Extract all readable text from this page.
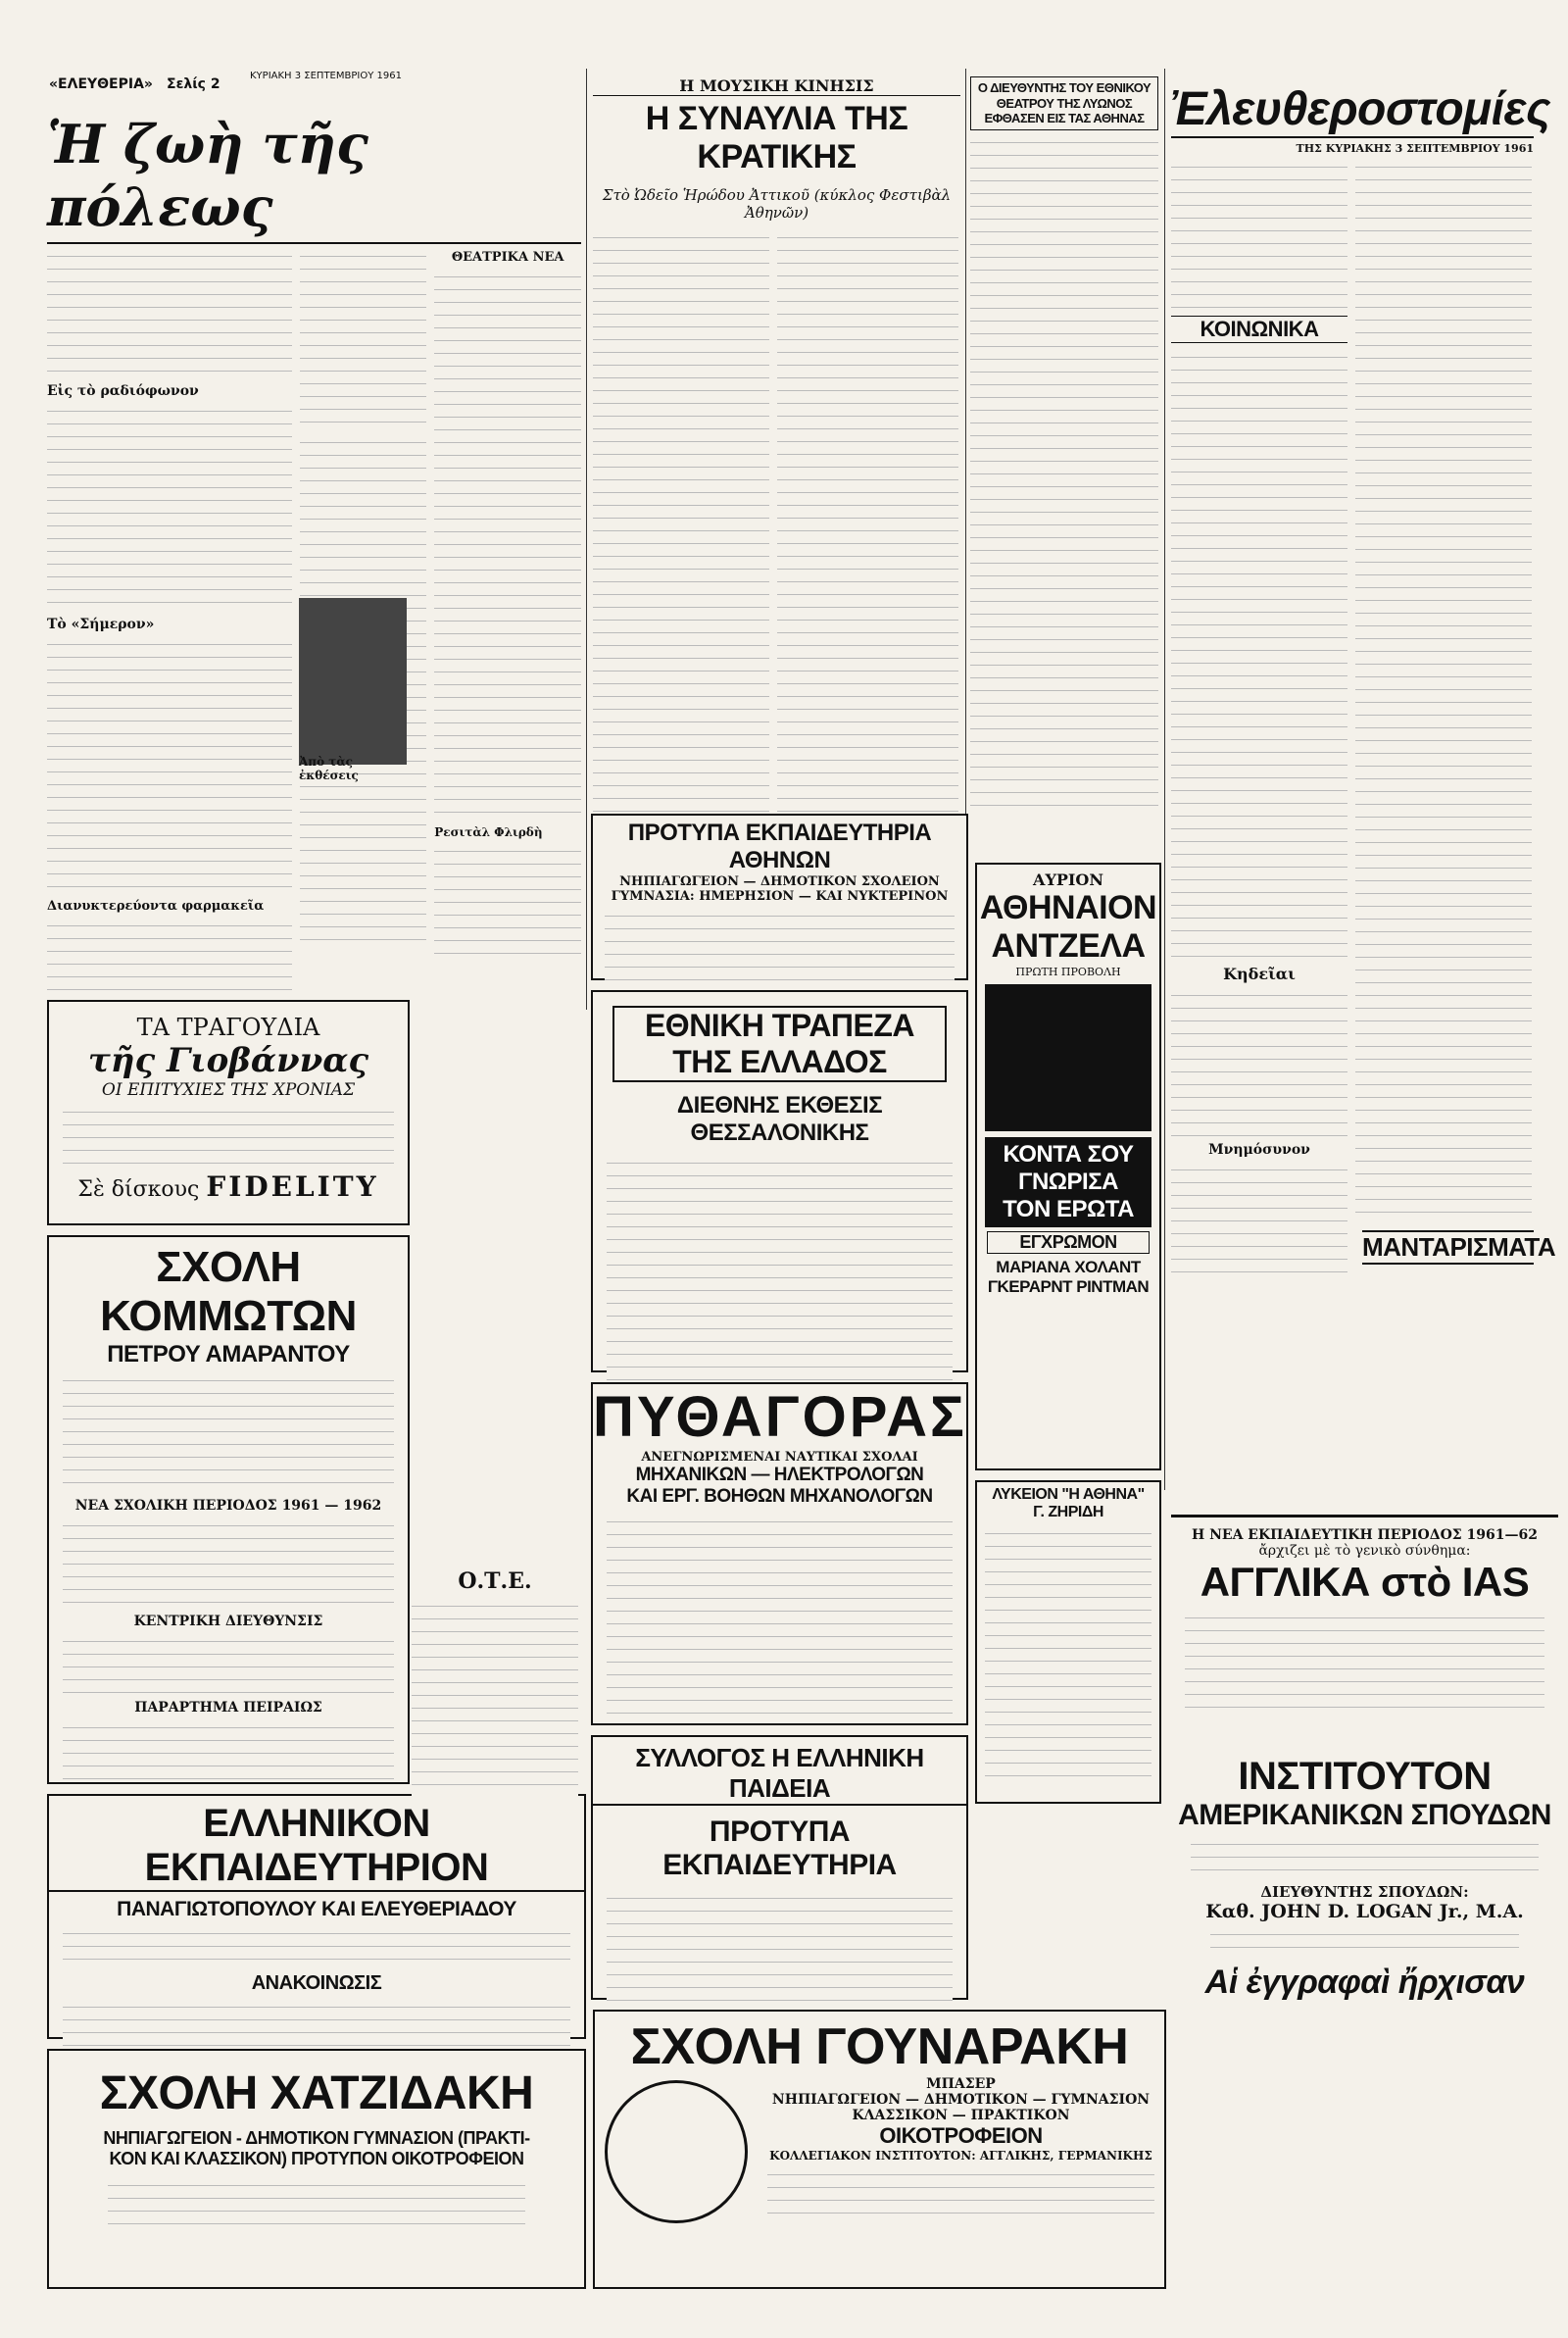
«ΕΛΕΥΘΕΡΙΑ» Σελίς 2
ΚΥΡΙΑΚΗ 3 ΣΕΠΤΕΜΒΡΙΟΥ 1961
Ἡ ζωὴ τῆς πόλεως
Εἰς τὸ ραδιόφωνον
Τὸ «Σήμερον»
Διανυκτερεύοντα φαρμακεῖα
ΘΕΑΤΡΙΚΑ ΝΕΑ
Ρεσιτὰλ Φλιρδὴ
Ἀπὸ τὰς ἐκθέσεις
Η ΜΟΥΣΙΚΗ ΚΙΝΗΣΙΣ
Η ΣΥΝΑΥΛΙΑ ΤΗΣ ΚΡΑΤΙΚΗΣ
Στὸ Ὠδεῖο Ἡρώδου Ἀττικοῦ (κύκλος Φεστιβὰλ Ἀθηνῶν)
Ο ΔΙΕΥΘΥΝΤΗΣ ΤΟΥ ΕΘΝΙΚΟΥ ΘΕΑΤΡΟΥ ΤΗΣ ΛΥΩΝΟΣ ΕΦΘΑΣΕΝ ΕΙΣ ΤΑΣ ΑΘΗΝΑΣ Ἐλευθεροστομίες
ΤΗΣ ΚΥΡΙΑΚΗΣ 3 ΣΕΠΤΕΜΒΡΙΟΥ 1961
ΚΟΙΝΩΝΙΚΑ
Κηδεῖαι
Μνημόσυνον
ΜΑΝΤΑΡΙΣΜΑΤΑ
ΤΑ ΤΡΑΓΟΥΔΙΑ
τῆς Γιοβάννας
ΟΙ ΕΠΙΤΥΧΙΕΣ ΤΗΣ ΧΡΟΝΙΑΣ
Σὲ δίσκους FIDELITY
ΣΧΟΛΗ ΚΟΜΜΩΤΩΝ
ΠΕΤΡΟΥ ΑΜΑΡΑΝΤΟΥ
ΝΕΑ ΣΧΟΛΙΚΗ ΠΕΡΙΟΔΟΣ 1961 — 1962
ΚΕΝΤΡΙΚΗ ΔΙΕΥΘΥΝΣΙΣ
ΠΑΡΑΡΤΗΜΑ ΠΕΙΡΑΙΩΣ
ΠΡΟΤΥΠΑ ΕΚΠΑΙΔΕΥΤΗΡΙΑ ΑΘΗΝΩΝ
ΝΗΠΙΑΓΩΓΕΙΟΝ — ΔΗΜΟΤΙΚΟΝ ΣΧΟΛΕΙΟΝ
ΓΥΜΝΑΣΙΑ: ΗΜΕΡΗΣΙΟΝ — ΚΑΙ ΝΥΚΤΕΡΙΝΟΝ
ΕΘΝΙΚΗ ΤΡΑΠΕΖΑ ΤΗΣ ΕΛΛΑΔΟΣ
ΔΙΕΘΝΗΣ ΕΚΘΕΣΙΣ ΘΕΣΣΑΛΟΝΙΚΗΣ
ΠΥΘΑΓΟΡΑΣ
ΑΝΕΓΝΩΡΙΣΜΕΝΑΙ ΝΑΥΤΙΚΑΙ ΣΧΟΛΑΙ
ΜΗΧΑΝΙΚΩΝ — ΗΛΕΚΤΡΟΛΟΓΩΝ
ΚΑΙ ΕΡΓ. ΒΟΗΘΩΝ ΜΗΧΑΝΟΛΟΓΩΝ
ΣΥΛΛΟΓΟΣ Η ΕΛΛΗΝΙΚΗ ΠΑΙΔΕΙΑ
ΠΡΟΤΥΠΑ ΕΚΠΑΙΔΕΥΤΗΡΙΑ
ΑΥΡΙΟΝ
ΑΘΗΝΑΙΟΝ
ΑΝΤΖΕΛΑ
ΠΡΩΤΗ ΠΡΟΒΟΛΗ
ΚΟΝΤΑ ΣΟΥ
ΓΝΩΡΙΣΑ
ΤΟΝ ΕΡΩΤΑ
ΕΓΧΡΩΜΟΝ
ΜΑΡΙΑΝΑ ΧΟΛΑΝΤ
ΓΚΕΡΑΡΝΤ ΡΙΝΤΜΑΝ
ΛΥΚΕΙΟΝ "Η ΑΘΗΝΑ"
Γ. ΖΗΡΙΔΗ
Η ΝΕΑ ΕΚΠΑΙΔΕΥΤΙΚΗ ΠΕΡΙΟΔΟΣ 1961—62
ἄρχιζει μὲ τὸ γενικὸ σύνθημα:
ΑΓΓΛΙΚΑ στὸ IAS
ΙΝΣΤΙΤΟΥΤΟΝ
ΑΜΕΡΙΚΑΝΙΚΩΝ ΣΠΟΥΔΩΝ
ΔΙΕΥΘΥΝΤΗΣ ΣΠΟΥΔΩΝ:
Καθ. JOHN D. LOGAN Jr., M.A.
Αἱ ἐγγραφαὶ ἤρχισαν
ΕΛΛΗΝΙΚΟΝ ΕΚΠΑΙΔΕΥΤΗΡΙΟΝ
ΠΑΝΑΓΙΩΤΟΠΟΥΛΟΥ ΚΑΙ ΕΛΕΥΘΕΡΙΑΔΟΥ
ΑΝΑΚΟΙΝΩΣΙΣ
ΣΧΟΛΗ ΧΑΤΖΙΔΑΚΗ
ΝΗΠΙΑΓΩΓΕΙΟΝ - ΔΗΜΟΤΙΚΟΝ ΓΥΜΝΑΣΙΟΝ (ΠΡΑΚΤΙ-
ΚΟΝ ΚΑΙ ΚΛΑΣΣΙΚΟΝ) ΠΡΟΤΥΠΟΝ ΟΙΚΟΤΡΟΦΕΙΟΝ
ΣΧΟΛΗ ΓΟΥΝΑΡΑΚΗ
ΜΠΑΣΕΡ
ΝΗΠΙΑΓΩΓΕΙΟΝ — ΔΗΜΟΤΙΚΟΝ — ΓΥΜΝΑΣΙΟΝ
ΚΛΑΣΣΙΚΟΝ — ΠΡΑΚΤΙΚΟΝ
ΟΙΚΟΤΡΟΦΕΙΟΝ
ΚΟΛΛΕΓΙΑΚΟΝ ΙΝΣΤΙΤΟΥΤΟΝ: ΑΓΓΛΙΚΗΣ, ΓΕΡΜΑΝΙΚΗΣ
Ο.Τ.Ε.
